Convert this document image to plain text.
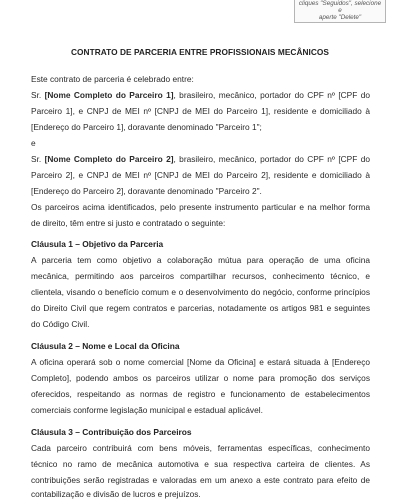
cliques "Seguidos", selecione e
aperte "Delete"
CONTRATO DE PARCERIA ENTRE PROFISSIONAIS MECÂNICOS
Este contrato de parceria é celebrado entre:
Sr. [Nome Completo do Parceiro 1], brasileiro, mecânico, portador do CPF nº [CPF do
Parceiro 1], e CNPJ de MEI nº [CNPJ de MEI do Parceiro 1], residente e domiciliado à
[Endereço do Parceiro 1], doravante denominado "Parceiro 1";
e
Sr. [Nome Completo do Parceiro 2], brasileiro, mecânico, portador do CPF nº [CPF do
Parceiro 2], e CNPJ de MEI nº [CNPJ de MEI do Parceiro 2], residente e domiciliado à
[Endereço do Parceiro 2], doravante denominado "Parceiro 2".
Os parceiros acima identificados, pelo presente instrumento particular e na melhor forma
de direito, têm entre si justo e contratado o seguinte:
Cláusula 1 – Objetivo da Parceria
A parceria tem como objetivo a colaboração mútua para operação de uma oficina
mecânica, permitindo aos parceiros compartilhar recursos, conhecimento técnico, e
clientela, visando o benefício comum e o desenvolvimento do negócio, conforme princípios
do Direito Civil que regem contratos e parcerias, notadamente os artigos 981 e seguintes
do Código Civil.
Cláusula 2 – Nome e Local da Oficina
A oficina operará sob o nome comercial [Nome da Oficina] e estará situada à [Endereço
Completo], podendo ambos os parceiros utilizar o nome para promoção dos serviços
oferecidos, respeitando as normas de registro e funcionamento de estabelecimentos
comerciais conforme legislação municipal e estadual aplicável.
Cláusula 3 – Contribuição dos Parceiros
Cada parceiro contribuirá com bens móveis, ferramentas específicas, conhecimento
técnico no ramo de mecânica automotiva e sua respectiva carteira de clientes. As
contribuições serão registradas e valoradas em um anexo a este contrato para efeito de
contabilização e divisão de lucros e prejuízos.
